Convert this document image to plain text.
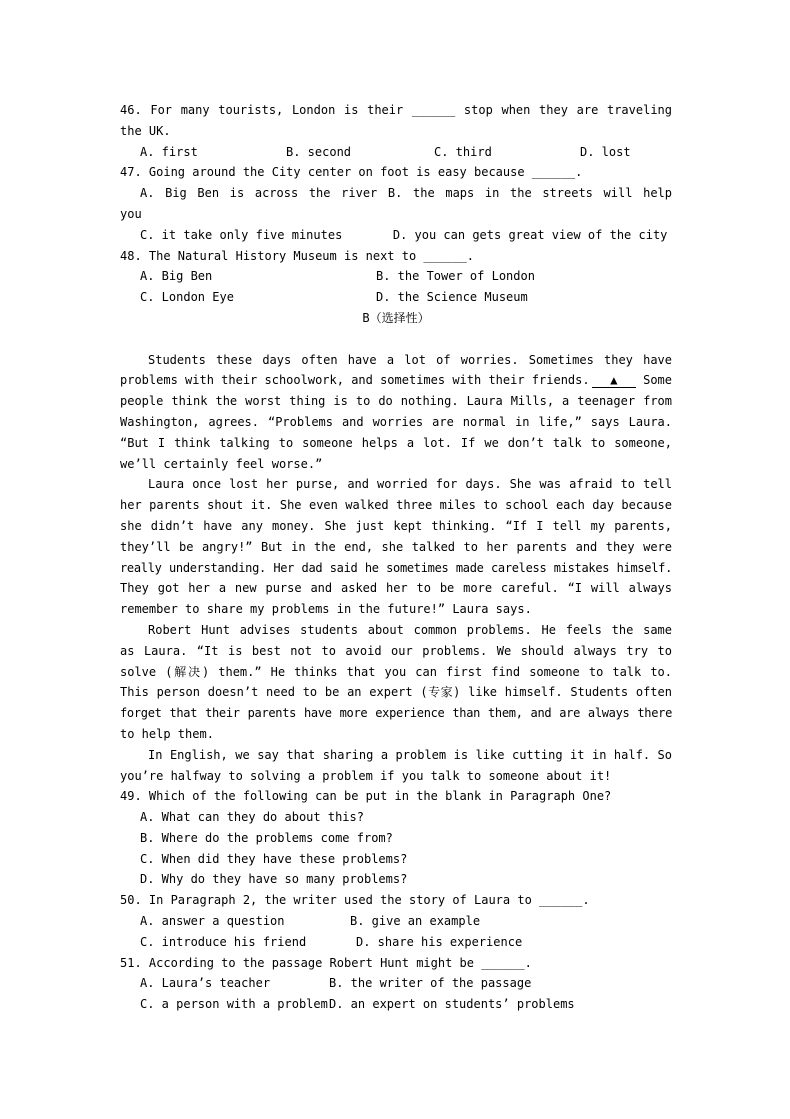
46. For many tourists, London is their ______ stop when they are traveling
the UK.
A. first	B. second	C. third	D. lost
47. Going around the City center on foot is easy because ______.
A. Big Ben is across the river B. the maps in the streets will help
you
C. it take only five minutes       D. you can gets great view of the city
48. The Natural History Museum is next to ______.
A. Big Ben	B. the Tower of London
C. London Eye	D. the Science Museum
B（选择性）
Students these days often have a lot of worries. Sometimes they have
problems with their schoolwork, and sometimes with their friends.	▲ Some
people think the worst thing is to do nothing. Laura Mills, a teenager from
Washington, agrees. “Problems and worries are normal in life,” says Laura.
“But I think talking to someone helps a lot. If we don’t talk to someone,
we’ll certainly feel worse.”
Laura once lost her purse, and worried for days. She was afraid to tell
her parents shout it. She even walked three miles to school each day because
she didn’t have any money. She just kept thinking. “If I tell my parents,
they’ll be angry!” But in the end, she talked to her parents and they were
really understanding. Her dad said he sometimes made careless mistakes himself.
They got her a new purse and asked her to be more careful. “I will always
remember to share my problems in the future!” Laura says.
Robert Hunt advises students about common problems. He feels the same
as Laura. “It is best not to avoid our problems. We should always try to
solve (解决) them.” He thinks that you can first find someone to talk to.
This person doesn’t need to be an expert (专家) like himself. Students often
forget that their parents have more experience than them, and are always there
to help them.
In English, we say that sharing a problem is like cutting it in half. So
you’re halfway to solving a problem if you talk to someone about it!
49. Which of the following can be put in the blank in Paragraph One?
A. What can they do about this?
B. Where do the problems come from?
C. When did they have these problems?
D. Why do they have so many problems?
50. In Paragraph 2, the writer used the story of Laura to ______.
A. answer a question	B. give an example
C. introduce his friend	D. share his experience
51. According to the passage Robert Hunt might be ______.
A. Laura’s teacher	B. the writer of the passage
C. a person with a problem D. an expert on students’ problems
